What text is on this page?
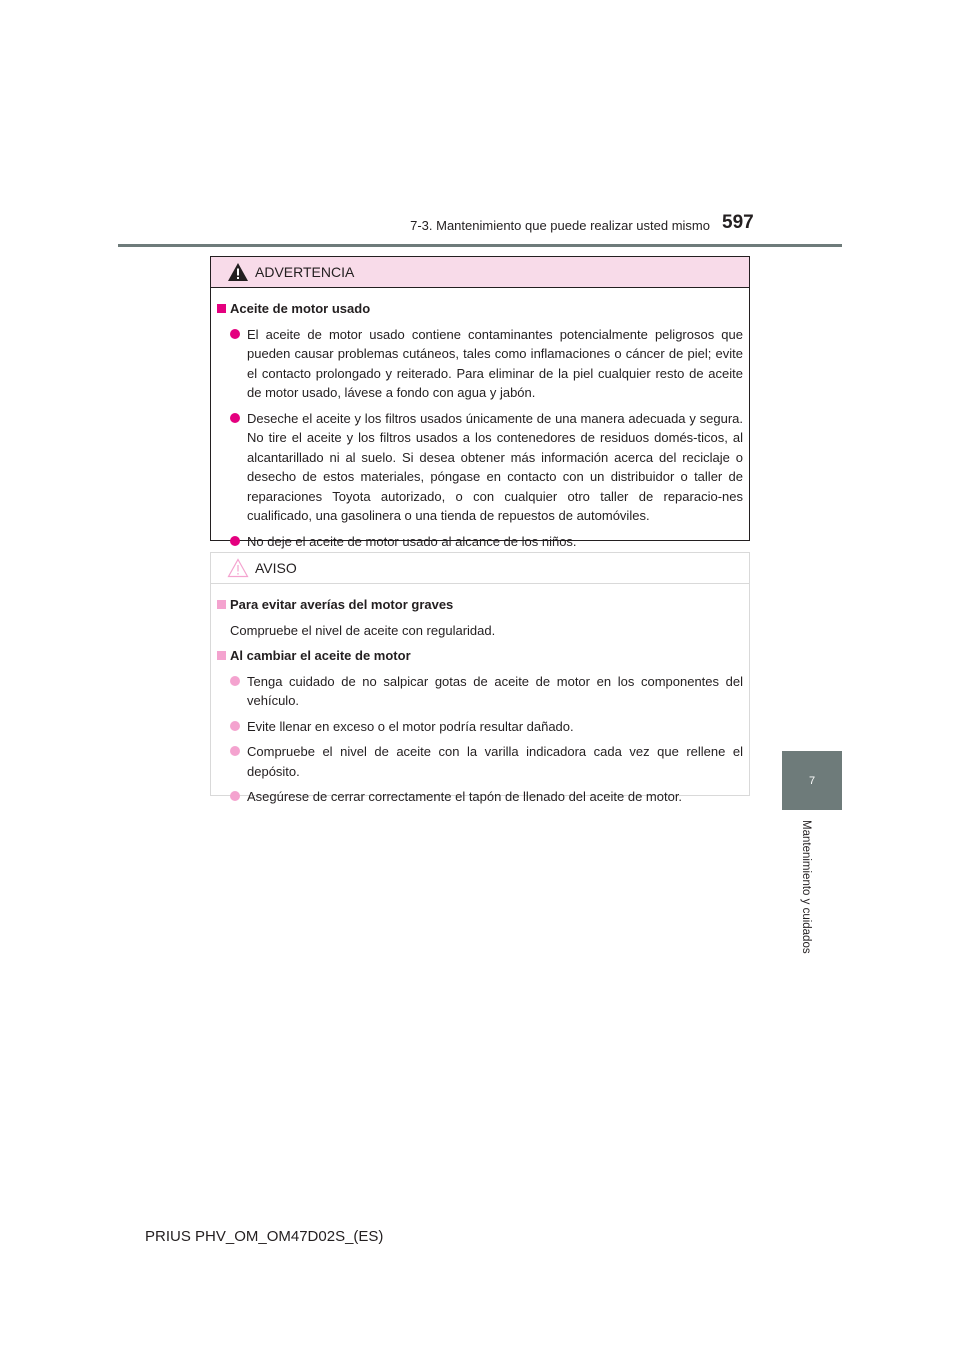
7-3. Mantenimiento que puede realizar usted mismo 597
7
Mantenimiento y cuidados
ADVERTENCIA
Aceite de motor usado
El aceite de motor usado contiene contaminantes potencialmente peligrosos que pueden causar problemas cutáneos, tales como inflamaciones o cáncer de piel; evite el contacto prolongado y reiterado. Para eliminar de la piel cualquier resto de aceite de motor usado, lávese a fondo con agua y jabón.
Deseche el aceite y los filtros usados únicamente de una manera adecuada y segura. No tire el aceite y los filtros usados a los contenedores de residuos domés-ticos, al alcantarillado ni al suelo. Si desea obtener más información acerca del reciclaje o desecho de estos materiales, póngase en contacto con un distribuidor o taller de reparaciones Toyota autorizado, o con cualquier otro taller de reparacio-nes cualificado, una gasolinera o una tienda de repuestos de automóviles.
No deje el aceite de motor usado al alcance de los niños.
AVISO
Para evitar averías del motor graves
Compruebe el nivel de aceite con regularidad.
Al cambiar el aceite de motor
Tenga cuidado de no salpicar gotas de aceite de motor en los componentes del vehículo.
Evite llenar en exceso o el motor podría resultar dañado.
Compruebe el nivel de aceite con la varilla indicadora cada vez que rellene el depósito.
Asegúrese de cerrar correctamente el tapón de llenado del aceite de motor.
PRIUS PHV_OM_OM47D02S_(ES)
